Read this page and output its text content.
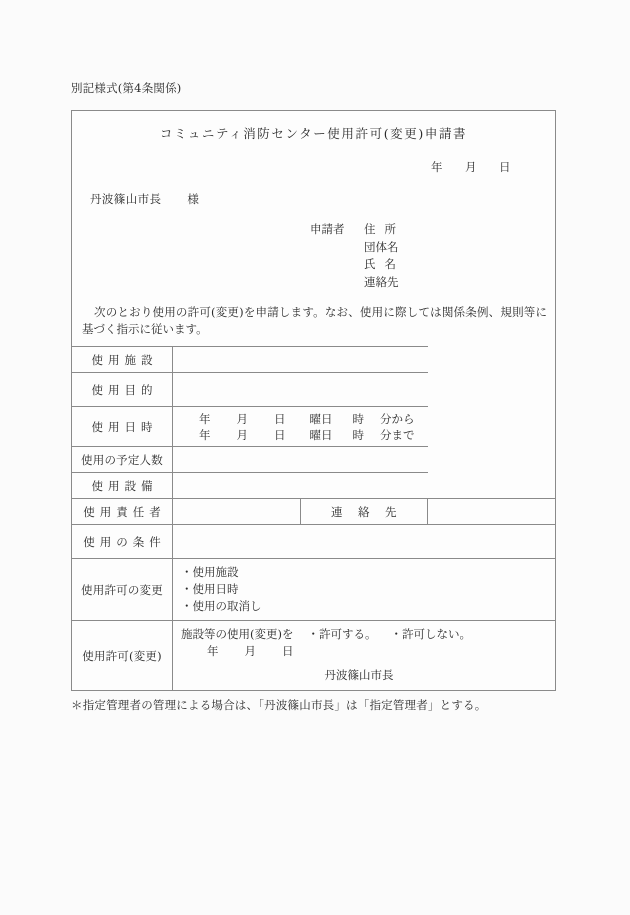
別記様式(第4条関係)
コミュニティ消防センター使用許可(変更)申請書
年 月 日
丹波篠山市長 様
申請者 住 所
団体名
氏 名
連絡先
次のとおり使用の許可(変更)を申請します。なお、使用に際しては関係条例、規則等に基づく指示に従います。
使用施設			
使用目的			
使用日時	年 月 日 曜日 時 分から
年 月 日 曜日 時 分まで		

使用の予定人数			
使用設備			
使用責任者		連　絡　先	
使用の条件			
使用許可の変更	・使用施設
・使用日時
・使用の取消し		

使用許可(変更)	施設等の使用(変更)を ・許可する。 ・許可しない。
年 月 日
丹波篠山市長		
＊指定管理者の管理による場合は、「丹波篠山市長」は「指定管理者」とする。
